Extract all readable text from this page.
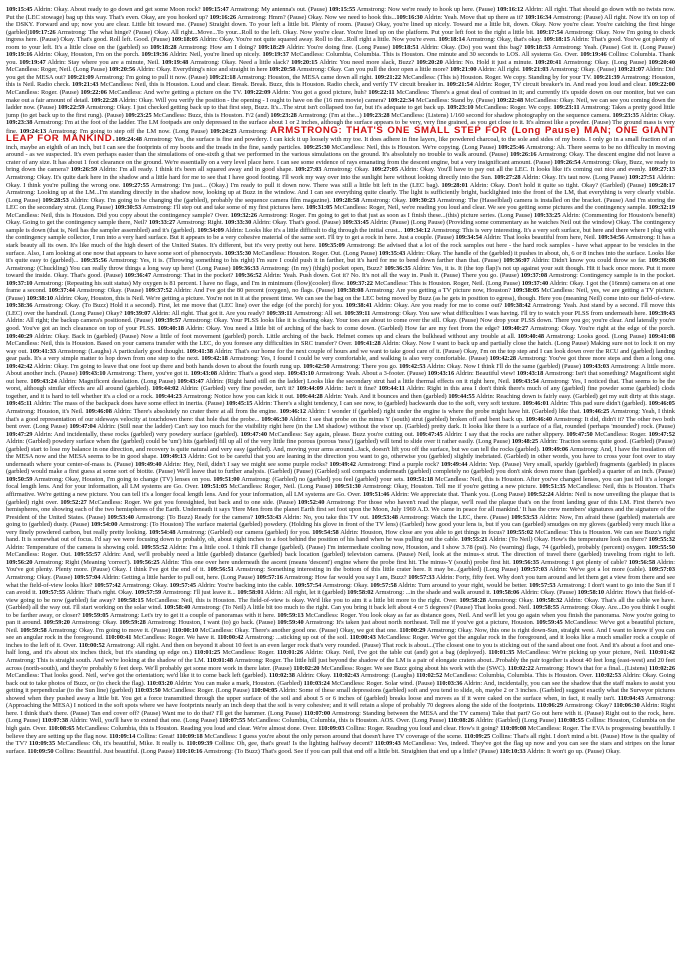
109:15:45 Aldrin: Okay. About ready to go down and get some Moon rock? 109:15:47 Armstrong: My antenna's out. (Pause) 109:15:55 Armstrong: Now we're ready to hook up here. (Pause) 109:16:12 Aldrin: All right. That should go down with no twists now. Put the (LEC stowage) bag up this way. That's even. Okay, are you hooked up? 109:16:26 Armstrong: Hmm? (Pause) Okay. Now we need to hook this...109:16:30 Aldrin: Yeah. Move that up there as it? 109:16:34 Armstrong: (Pause) All right. Now it's on top of the DSKY. Forward and up; now you are clear. Little bit toward me. (Pause) Straight down. To your left a little bit. Plenty of room. (Pause) Okay, you're lined up nicely. Toward me a little bit, down. Okay. Now you're clear. You're catching the first hinge (garbled)109:17:26 Armstrong: The what hinge? (Pause) Okay. All right...Move...To your...Roll to the left. Okay. Now you're clear. You're lined up on the platform. Put your left foot to the right a little bit. 109:17:54 Armstrong: Okay. Now I'm going to check ingress here. (Pause) Okay. That's good. Roll left. Good. (Pause) 109:18:05 Aldrin: Okay. You're not quite squared away. Roll to the...Roll right a little. Now you're even. 109:18:14 Armstrong: Okay, that's okay. 109:18:15 Aldrin: That's good. You've got plenty of room to your left. It's a little close on the (garbled) so 109:18:28 Armstrong: How am I doing? 109:18:29 Aldrin: You're doing fine. (Long Pause) 109:18:51 Aldrin: Okay. (Do) you want this bag? 109:18:53 Armstrong: Yeah. (Pause) Got it. (Long Pause) 109:19:16 Aldrin: Okay, Houston, I'm on the porch. 109:19:36 Aldrin: Neil, you're lined up nicely. 109:19:37 McCandless: Columbia, Columbia. This is Houston. One minute and 30 seconds to LOS. All systems Go. Over. 109:19:46 Collins: Columbia. Thank you. 109:19:47 Aldrin: Stay where you are a minute, Neil. 109:19:48 Armstrong: Okay. Need a little slack? 109:20:15 Aldrin: You need more slack, Buzz? 109:20:20 Aldrin: No. Hold it just a minute. 109:20:41 Armstrong: Okay. (Long Pause) 109:20:40 McCandless: Roger, Neil. (Long Pause) 109:20:56 Aldrin: Okay. Everything's nice and straight in here 109:20:58 Armstrong: Okay. Can you pull the door open a little more? 109:21:00 Aldrin: All right. 109:21:03 Armstrong: Okay. (Pause) 109:21:07 Aldrin: Did you get the MESA out? 109:21:09 Armstrong: I'm going to pull it now. (Pause) 109:21:18 Armstrong: Houston, the MESA came down all right. 109:21:22 McCandless: (This is) Houston. Roger. We copy. Standing by for your TV. 109:21:39 Armstrong: Houston, this is Neil. Radio check. 109:21:43 McCandless: Neil, this is Houston. Loud and clear. Break. Break. Buzz, this is Houston. Radio check, and verify TV circuit breaker in. 109:21:54 Aldrin: Roger, TV circuit breaker's in. And read you loud and clear. 109:22:00 McCandless: Roger. (Pause) 109:22:06 McCandless: And we're getting a picture on the TV. 109:22:09 Aldrin: You got a good picture, huh? 109:22:11 McCandless: There's a great deal of contrast in it; and currently it's upside down on our monitor, but we can make out a fair amount of detail. 109:22:28 Aldrin: Okay. Will you verify the position - the opening - I ought to have on the (16 mm movie) camera? 109:22:34 McCandless: Stand by. (Pause) 109:22:48 McCandless: Okay. Neil, we can see you coming down the ladder now. (Pause) 109:22:59 Armstrong: Okay. I just checked getting back up to that first step, Buzz. It's...The strut isn't collapsed too far, but it's adequate to get back up. 109:23:10 McCandless: Roger. We copy. 109:23:11 Armstrong: Takes a pretty good little jump (to get back up to the first rung). (Pause) 109:23:25 McCandless: Buzz, this is Houston. F/2 (and) 109:23:28 Armstrong: (I'm at the...) 109:23:28 McCandless: (Listens) 1/160 second for shadow photography on the sequence camera. 109:23:35 Aldrin: Okay. 109:23:38 Armstrong: I'm at the foot of the ladder. The LM footpads are only depressed in the surface about 1 or 2 inches, although the surface appears to be very, very fine grained, as you get close to it. It's almost like a powder. (Pause) The ground mass is very fine. 109:24:13 Armstrong: I'm going to step off the LM now. (Long Pause) 109:24:23 Armstrong: ARMSTRONG: THAT'S ONE SMALL STEP FOR (Long Pause) MAN; ONE GIANT LEAP FOR MANKIND.109:24:48 Armstrong: Yes, the surface is fine and powdery. I can kick it up loosely with my toe. It does adhere in fine layers, like powdered charcoal, to the sole and sides of my boots. I only go in a small fraction of an inch, maybe an eighth of an inch, but I can see the footprints of my boots and the treads in the fine, sandy particles. 109:25:30 McCandless: Neil, this is Houston. We're copying. (Long Pause) 109:25:46 Armstrong: Ah. There seems to be no difficulty in moving around - as we suspected. It's even perhaps easier than the simulations of one-sixth g that we performed in the various simulations on the ground. It's absolutely no trouble to walk around. (Pause) 109:26:16 Armstrong: Okay. The descent engine did not leave a crater of any size. It has about 1 foot clearance on the ground. We're essentially on a very level place here. I can see some evidence of rays emanating from the descent engine, but a very insignificant amount. (Pause) 109:26:54 Armstrong: Okay, Buzz, we ready to bring down the camera? 109:26:59 Aldrin: I'm all ready. I think it's been all squared away and in good shape. 109:27:03 Armstrong: Okay. 109:27:05 Aldrin: Okay. You'll have to pay out all the LEC. It looks like it's coming out nice and evenly. 109:27:13 Armstrong: Okay. It's quite dark here in the shadow and a little hard for me to see that I have good footing. I'll work my way over into the sunlight here without looking directly into the Sun. 109:27:28 Aldrin: Okay. It's taut now. (Long Pause) 109:27:51 Aldrin: Okay. I think you're pulling the wrong one. 109:27:55 Armstrong: I'm just... (Okay.) I'm ready to pull it down now. There was still a little bit left in the (LEC bag). 109:28:01 Aldrin: Okay. Don't hold it quite so tight. Okay? (Garbled) (Pause) 109:28:17 Armstrong: Looking up at the LM...I'm standing directly in the shadow now, looking up at Buzz in the window. And I can see everything quite clearly. The light is sufficiently bright, backlighted into the front of the LM, that everything is very clearly visible. (Long Pause) 109:28:53 Aldrin: Okay. I'm going to be changing the (garbled), probably the sequence camera film magazine). 109:28:58 Armstrong: Okay. 109:30:23 Armstrong: The (Hasselblad) camera is installed on the bracket. (Pause) And I'm storing the LEC on the secondary strut. (Long Pause) 109:30:53 Armstrong: I'll step out and take some of my first pictures here. 109:31:05 McCandless: Roger, Neil, we're reading you loud and clear. We see you getting some pictures and the contingency sample. 109:32:19 McCandless: Neil, this is Houston. Did you copy about the contingency sample? Over. 109:32:26 Armstrong: Roger. I'm going to get to that just as soon as I finish these...(this) picture series. (Long Pause) 109:33:25 Aldrin: (Commenting for Houston's benefit) Okay. Going to get the contingency sample there, Neil? 109:33:27 Armstrong: Right. 109:33:30 Aldrin: Okay. That's good. (Pause) 109:33:45 Aldrin: (Pause) (Long Pause) (Providing some commentary as he watches Neil out the window) Okay. The contingency sample is down (that is, Neil has the sampler assembled) and it's (garbled). 109:34:09 Aldrin: Looks like it's a little difficult to dig through the initial crust... 109:34:12 Armstrong: This is very interesting. It's a very soft surface, but here and there where I plug with the contingency sample collector, I run into a very hard surface. But it appears to be a very cohesive material of the same sort. I'll try to get a rock in here. Just a couple. (Pause) 109:34:54 Aldrin: That looks beautiful from here, Neil. 109:34:56 Armstrong: It has a stark beauty all its own. It's like much of the high desert of the United States. It's different, but it's very pretty out here. 109:35:09 Armstrong: Be advised that a lot of the rock samples out here - the hard rock samples - have what appear to be vesicles in the surface. Also, I am looking at one now that appears to have some sort of phenocrysts. 109:35:30 McCandless: Houston. Roger. Out. (Long Pause) 109:35:43 Aldrin: Okay. The handle of the (garbled) it pushes in about, oh, 6 or 8 inches into the surface. Looks like it's quite easy to (garbled)... 109:35:56 Armstrong: Yes, it is. (Throwing something to his right) I'm sure I could push it in farther, but it's hard for me to bend down farther than that. (Pause) 109:36:07 Aldrin: Didn't know you could throw so far. 109:36:08 Armstrong: (Chuckling) You can really throw things a long way up here! (Long Pause) 109:36:33 Armstrong: (In my) (thigh) pocket open, Buzz? 109:36:35 Aldrin: Yes, it is. It (the top flap)'s not up against your suit though. Hit it back once more. Put it more toward the inside. Okay. That's good. (Pause) 109:36:47 Armstrong: That in the pocket? 109:36:52 Aldrin: Yeah. Push down. Got it? No. It's not all the way in. Push it. (Pause) There you go. (Pause) 109:37:08 Armstrong: Contingency sample is in the pocket. 109:37:10 Armstrong: (Repeating his suit status) My oxygen is 81 percent. I have no flags, and I'm in minimum (flow)(cooler) flow. 109:37:22 McCandless: This is Houston. Roger, Neil. (Long Pause) 109:37:40 Aldrin: Okay. I got the (16mm) camera on at one frame a second. 109:37:44 Armstrong: Okay. (Pause) 109:37:52 Aldrin: And I've got the 80 percent (oxygen), no flags. (Pause) 109:38:08 Armstrong: Are you getting a TV picture now, Houston? 109:38:05 McCandless: Neil, yes, we are getting a TV picture. (Pause) 109:38:10 Aldrin: Okay, Houston, this is Neil. We're getting a picture. You're not in it at the present time. We can see the bag on the LEC being moved by Buzz (as he gets in position to egress), though. Here you (meaning Neil) come into our field-of-view. 109:38:36 Armstrong: Okay. (To Buzz) Hold it a second). First, let me move that (LEC line) over the edge (of the porch) for you. 109:38:41 Aldrin: Okay. Are you ready for me to come out? 109:38:42 Armstrong: Yeah. Just stand by a second. I'll move this (LEC) over the handrail. (Long Pause) Okay? 109:39:07 Aldrin: All right. That got it. Are you ready? 109:39:11 Armstrong: All set. 109:39:11 Armstrong: Okay. You saw what difficulties I was having. I'll try to watch your PLSS from underneath here. 109:39:43 Aldrin: All right; the backup camera's positioned. (Pause) 109:39:57 Armstrong: Okay. Your PLSS looks like it is clearing okay. Your toes are about to come over the sill. Okay. (Pause) Now drop your PLSS down. There you go; you're clear. And laterally you're good. You've got an inch clearance on top of your PLSS. 109:40:18 Aldrin: Okay. You need a little bit of arching of the back to come down. (Garbled) How far are my feet from the edge? 109:40:27 Armstrong: Okay. You're right at the edge of the porch. 109:40:29 Aldrin: Okay. Back in (garbled) (Pause) Now a little of foot movement (garbled) porch. Little arching of the back. Helmet comes up and clears the bulkhead without any trouble at all. 109:40:48 Armstrong: Looks good. (Long Pause) 109:41:08 McCandless: Neil, this is Houston. Based on your camera transfer with the LEC, do you foresee any difficulties in SRC transfer? Over. 109:41:28 Aldrin: Okay. Now I want to back up and partially close the hatch. (Long Pause) Making sure not to lock it on my way out. 109:41:33 Armstrong: (Laughs) A particularly good thought. 109:41:38 Aldrin: That's our home for the next couple of hours and we want to take good care of it. (Pause) Okay, I'm on the top step and I can look down over the RCU and (garbled) landing gear pads. It's a very simple matter to hop down from one step to the next. 109:42:18 Armstrong: Yes, I found I could be very comfortable, and walking is also very comfortable. (Pause) 109:42:28 Armstrong: You've got three more steps and then a long one. 109:42:42 Aldrin: Okay. I'm going to leave that one foot up there and both hands down to about the fourth rung up. 109:42:50 Armstrong: There you go. 109:42:53 Aldrin: Okay. Now I think I'll do the same (garbled) (Pause) 109:43:03 Armstrong: A little more. About another inch. (Pause) 109:43:10 Armstrong: There, you've got it. 109:43:08 Aldrin: That's a good step. 109:43:10 Armstrong: Yeah. About a 3-footer. (Pause) 109:43:16 Aldrin: Beautiful view! 109:43:18 Armstrong: Isn't that something? Magnificent sight out here. 109:43:24 Aldrin: Magnificent desolation. (Long Pause) 109:43:47 Aldrin: (Right hand still on the ladder) Looks like the secondary strut had a little thermal effects on it right here, Neil. 109:43:54 Armstrong: Yes, I noticed that. That seems to be the worst, although similar effects are all around (garbled). 109:44:02 Aldrin: (Garbled) very fine powder, isn't it? 109:44:09 Aldrin: Isn't it fine? 109:44:11 Aldrin: Right in this area I don't think there's much of any (garbled) fine powder some (garbled) clods together, and it is hard to tell whether it's a clod or a rock. 109:44:23 Armstrong: Notice how you can kick it out. 109:44:28 Aldrin: Yeah. And it bounces and then (garbled) 109:44:55 Aldrin: Reaching down is fairly easy. (Garbled) get my suit dirty at this stage. 109:45:11 Aldrin: The mass of the backpack does have some effect in inertia. (Pause) 109:45:15 Aldrin: There's a slight tendency, I can see now, to (garbled) backwards due to the soft, very soft texture. 109:46:01 Aldrin: This pad sure didn't (garbled). 109:46:05 Armstrong: Houston, it's Neil. 109:46:08 Aldrin: There's absolutely no crater there at all from the engine. 109:46:12 Aldrin: I wonder if (garbled) right under the engine is where the probe might have hit. (Garbled) like that. 109:46:25 Armstrong: Yeah, I think that's a good representation of our sideways velocity at touchdown there: that hole that the probe... 109:46:30 Aldrin: I see that probe on the minus Y (south) strut (garbled) broken off and bent back up. 109:46:40 Armstrong: It did, didn't it? The other two both bent over. (Long Pause) 109:47:04 Aldrin: (Still near the ladder) Can't say too much for the visibility right here (in the LM shadow) without the visor up. (Garbled) pretty dark. It looks like there is a surface of a flat, rounded (perhaps 'mounded') rock. (Pause) 109:47:29 Aldrin: And incidentally, these rocks (garbled) very powdery surface (garbled). 109:47:40 McCandless: Say again, please. Buzz you're cutting out. 109:47:45 Aldrin: I say that the rocks are rather slippery. 109:47:50 McCandless: Roger. 109:47:52 Aldrin: (Garbled) powdery surface when the (garbled) could be 'um') hits (garbled) fill up all of the very little fine porous (porous 'ness') (garbled) will tend to slide over it rather easily. (Long Pause) 109:48:25 Aldrin: Traction seems quite good. (Garbled) (Pause) (garbled) start to lose my balance in one direction, and recovery is quite natural and very easy (garbled). And, moving your arms around...Jack, doesn't lift you off the surface, but we can tell the rocks (garbled). 109:49:06 Armstrong: And, I have the insulation off the MESA now and the MESA seems to be in good shape. 109:49:13 Aldrin: Got to be careful that you are leaning in the direction you want to go, otherwise you (garbled) slightly inebriated. (Garbled) in other words, you have to cross your foot over to stay underneath where your center-of-mass is. (Pause) 109:49:40 Aldrin: Hey, Neil, didn't I say we might see some purple rocks? 109:49:42 Armstrong: Find a purple rock? 109:49:44 Aldrin: Yep. (Pause) Very small, sparkly (garbled) fragments (garbled) in places (garbled) would make a first guess at some sort of biotite. (Pause) We'll leave that to further analysis. (Garbled) (Pause) (Garbled) soil compacts underneath (garbled) completely no (garbled) you don't sink down more than (garbled) a quarter of an inch. (Pause) 109:50:59 Armstrong: Okay, Houston, I'm going to change (TV) lenses on you. 109:51:00 Armstrong: (Garbled) no (garbled) you feel (garbled) your sets. 109:51:18 McCandless: Neil, this is Houston. After you've changed lenses, you can just tell it's a longer focal length lens. And for your information, all LM systems are Go. Over. 109:51:05 McCandless: Roger, Neil. (Long Pause) 109:51:30 Armstrong: Okay, Houston. Tell me if you're getting a new picture. 109:51:35 McCandless: Neil, this is Houston. That's affirmative. We're getting a new picture. You can tell it's a longer focal length lens. And for your information, all LM systems are Go. Over. 109:51:46 Aldrin: We appreciate that. Thank you. (Long Pause) 109:52:24 Aldrin: Neil is now unveiling the plaque that is (garbled) right over. 109:52:27 McCandless: Roger. We got you foresighted, but back and to one side. (Pause) 109:52:40 Armstrong: For those who haven't read the plaque, we'll read the plaque that's on the front landing gear of this LM. First there's two hemispheres, one showing each of the two hemispheres of the Earth. Underneath it says 'Here Men from the planet Earth first set foot upon the Moon, July 1969 A.D. We came in peace for all mankind.' It has the crew members' signatures and the signature of the President of the United States. (Pause) 109:53:40 Armstrong: (To Buzz) Ready for the camera? 109:53:43 Aldrin: No, you take this TV out. 109:53:48 Armstrong: Watch the LEC, there. (Pause) 109:53:53 Aldrin: Now, I'm afraid these (garbled) materials are going to (garbled) dusty. (Pause) 109:54:00 Armstrong: (To Houston) The surface material (garbled) powdery. (Holding his glove in front of the TV lens) (Garbled) how good your lens is, but if you can (garbled) smudges on my gloves (garbled) very much like a very finely powdered carbon, but really pretty looking. 109:54:48 Armstrong: (Garbled) our camera (garbled) for you. 109:54:58 Aldrin: Houston, How close are you able to get things in focus? 109:55:02 McCandless: This is Houston. We can see Buzz's right hand. It is somewhat out of focus. I'd say we were focusing down to probably, oh, about eight inches to a foot behind the position of his hand when he was pulling out the cable. 109:55:21 Aldrin: (To Neil) Okay. How's the temperature look on there? 109:55:32 Aldrin: Temperature of the camera is showing cold. 109:55:52 Aldrin: I'm a little cool. I think I'll change (garbled). (Pause) I'm intermediate cooling now, Houston, and I show 3.78 (psi). No (warning) flags, 74 (garbled), probably (percent) oxygen. 109:55:50 McCandless: Roger. Out. 109:55:57 Aldrin: And, we'll probably need a little (garbled) distance (garbled) back location (garbled) television camera. (Pause) Neil, look at the minus-x strut. The direction of travel there (garbled) traveling from right to left. 109:56:20 Armstrong: Right (Meaning 'correct'). 109:56:25 Aldrin: This one over here underneath the ascent (means 'descent') engine where the probe first hit. The minus-Y (south) probe first hit. 109:56:35 Armstrong: I got plenty of cable? 109:56:58 Aldrin: You've got plenty. Plenty more. (Pause) Okay. I think I've got the end of it. 109:56:51 Armstrong: Something interesting in the bottom of this little crater here. It may be...(garbled) (Long Pause) 109:57:03 Aldrin: We've got a lot more (cable). 109:57:03 Armstrong: Okay. (Pause) 109:57:04 Aldrin: Getting a little harder to pull out, here. (Long Pause) 109:57:16 Armstrong: How far would you say I am, Buzz? 109:57:33 Aldrin: Forty, fifty feet. Why don't you turn around and let them get a view from there and see what the field-of-view looks like? 109:57:42 Armstrong: Okay. 109:57:45 Aldrin: You're backing into the cable. 109:57:54 Armstrong: Okay. 109:57:58 Aldrin: Turn around to your right, would be better. 109:57:53 Armstrong: I don't want to go into the Sun if I can avoid it. 109:57:55 Aldrin: That's right. Okay. 109:57:59 Armstrong: I'll just leave it... 109:58:01 Aldrin: All right, let it (garbled) 109:58:02 Armstrong: ...in the shade and walk around it. 109:58:06 Aldrin: Okay. (Pause) 109:58:10 Aldrin: How's that field-of-view going to be now (garbled) far away? 109:58:15 McCandless: Neil, this is Houston. The field-of-view is okay. We'd like you to aim it a little bit more to the right. Over. 109:58:28 Armstrong: Okay. 109:58:32 Aldrin: Okay. That's all the cable we have. (Garbled) all the way out. I'll start working on the solar wind. 109:58:40 Armstrong: (To Neil) A little bit too much to the right. Can you bring it back left about 4 or 5 degrees? (Pause) That looks good. Neil. 109:58:55 Armstrong: Okay. Are...Do you think I ought to be farther away, or closer? 109:59:05 Armstrong: Let's try to get it a couple of panoramas with it here. 109:59:13 McCandless: Roger. You look okay as far as distance goes, Neil. And we'll let you go again when you finish the panorama. Now you're going to pan it around. 109:59:20 Armstrong: Okay. 109:59:28 Armstrong: Houston, I want (to) go back. (Pause) 109:59:40 Armstrong: It's taken just about north northeast. Tell me if you've got a picture, Houston. 109:59:45 McCandless: We've got a beautiful picture, Neil. 109:59:58 Armstrong: Okay. I'm going to move it. (Pause) 110:00:10 McCandless: Okay. There's another good one. (Pause) Okay, we got that one. 110:00:29 Armstrong: Okay. Now, this one is right down-Sun, straight west. And I want to know if you can see an angular rock in the foreground. 110:00:41 McCandless: Roger. We have it. 110:00:42 Armstrong: ...sticking up out of the soil. 110:00:43 McCandless: Roger. We've got the angular rock in the foreground, and it looks like a much smaller rock a couple of inches to the left of it. Over. 110:00:52 Armstrong: All right. And then on beyond it about 10 feet is an even larger rock that's very rounded. (Pause) That rock is about...(The closest one to you is sticking out of the sand about one foot. And it's about a foot and one-half long, and it's about six inches thick, but it's standing up edge on.) 110:01:25 McCandless: Roger. 110:01:26 Aldrin: Okay. Neil, I've got the table cut (and) got a bag (deployed). 110:01:35 McCandless: We're picking up your picture, Neil. 110:01:42 Armstrong: This is straight south. And we're looking at the shadow of the LM. 110:01:48 Armstrong: Roger. The little hill just beyond the shadow of the LM is a pair of elongate craters about...Probably the pair together is about 40 feet long (east-west) and 20 feet across (north-south), and they're probably 6 feet deep. We'll probably get some more work in there later. (Pause) 110:02:20 McCandless: Roger. We see Buzz going about his work with the (SWC). 110:02:22 Armstrong: How's that for a final...(Listens) 110:02:26 McCandless: That looks good. Neil, we've got the orientation; we'd like it to come back left (garbled). 110:02:38 Aldrin: Okay. 110:02:43 Armstrong: (Laughs) 110:02:52 McCandless: Columbia, Columbia. This is Houston. Over. 110:02:53 Aldrin: Okay. Going back out to take photos of Buzz, or (to check the flag). 110:03:20 Aldrin: You can make a mark, Houston. (Garbled) 110:03:24 McCandless: Roger. Solar wind. (Pause) 110:03:36 Aldrin: And, incidentally, you can see the shadow that the staff makes to assist you getting it perpendicular (to the Sun line) (garbled) 110:03:50 McCandless: Roger. (Long Pause) 110:04:05 Aldrin: Some of these small depressions (garbled) soft and you tend to slide, oh, maybe 2 or 3 inches. (Garbled) suggest exactly what the Surveyor pictures showed when they pushed away a little bit. You get a force transmitted through the upper surface of the soil and about 5 or 6 inches of (garbled) breaks loose and moves as if it were caked on the surface when, in fact, it really isn't. 110:04:43 Armstrong: (Approaching the MESA) I noticed in the soft spots where we have footprints nearly an inch deep that the soil is very cohesive; and it will retain a slope of probably 70 degrees along the side of the footprints. 110:06:29 Armstrong: Okay? 110:06:30 Aldrin: Right here. I think that's there. (Pause) Tan end cover off? (Pause) Want me to do that? I'll get the hammer. (Long Pause) 110:07:00 Armstrong: Standing between the MESA and the TV camera) Take that part? Go out here with it. (Pause) Right out to the rock, here. (Long Pause) 110:07:38 Aldrin: Well, you'll have to extend that one. (Long Pause) 110:07:55 McCandless: Columbia, Columbia, this is Houston. AOS. Over. (Long Pause) 110:08:26 Aldrin: (Garbled) (Long Pause) 110:08:55 Collins: Houston, Columbia on the high gain. Over. 110:08:65 McCandless: Columbia, this is Houston. Reading you loud and clear. We're almost done. Over. 110:09:03 Collins: Roger. Reading you loud and clear. How's it going? 110:09:08 McCandless: Roger. The EVA is progressing beautifully. I believe they are setting up the flag now. 110:09:14 Collins: Great! 110:09:18 McCandless: I guess you're about the only person around that doesn't have TV coverage of the scene. 110:09:25 Collins: That's all right. I don't mind a bit. (Pause) How is the quality of the TV? 110:09:35 McCandless: Oh, it's beautiful, Mike. It really is. 110:09:39 Collins: Oh, gee, that's great! Is the lighting halfway decent? 110:09:43 McCandless: Yes, indeed. They've got the flag up now and you can see the stars and stripes on the lunar surface. 110:09:50 Collins: Beautiful. Just beautiful. (Long Pause) 110:10:16 Armstrong: (To Buzz) That's good. See if you can pull that end off a little bit. Straighten that end up a little? (Pause) 110:10:33 Aldrin: It won't go up. (Pause) Okay.
